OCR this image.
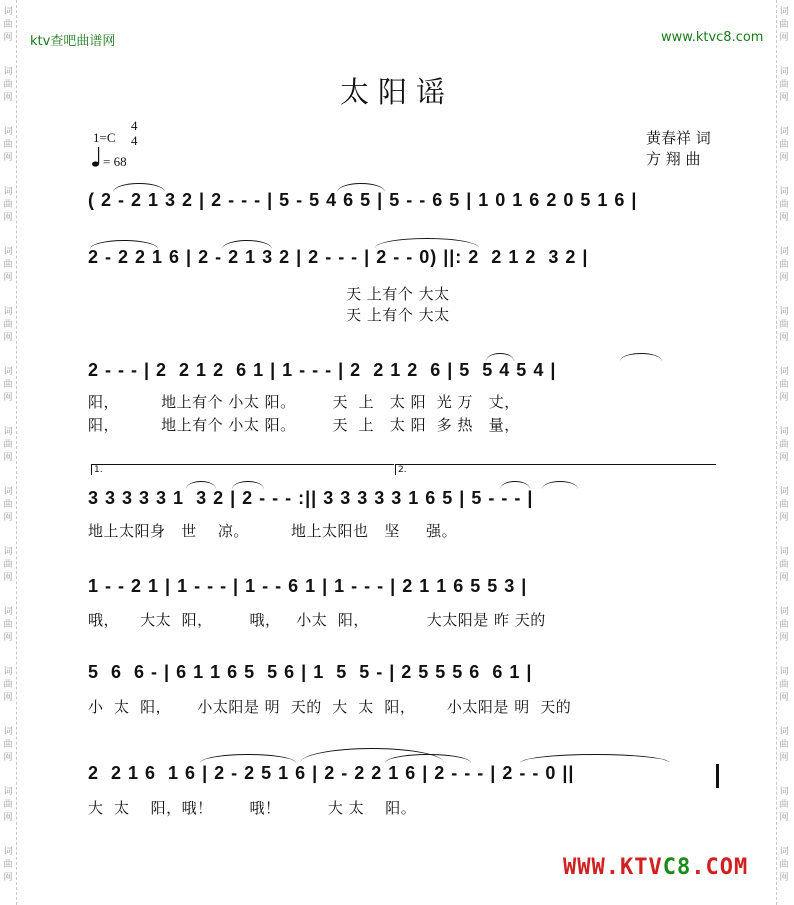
词
曲
网
词
曲
网
词
曲
网
词
曲
网
词
曲
网
词
曲
网
词
曲
网
词
曲
网
词
曲
网
词
曲
网
词
曲
网
词
曲
网
词
曲
网
词
曲
网
词
曲
网
词
曲
网
词
曲
网
词
曲
网
词
曲
网
词
曲
网
词
曲
网
词
曲
网
词
曲
网
词
曲
网
词
曲
网
词
曲
网
词
曲
网
词
曲
网
词
曲
网
词
曲
网
ktv查吧曲谱网	www.ktvc8.com
太阳谣
1=C
4
4
= 68
黄春祥 词
方 翔 曲
( 2 - 2 1 3 2 | 2 - - - | 5 - 5 4 6 5 | 5 - - 6 5 | 1 0 1 6 2 0 5 1 6 |
2 - 2 2 1 6 | 2 - 2 1 3 2 | 2 - - - | 2 - - 0) ||: 2  2 1 2  3 2 |
天 上有个 大太
天 上有个 大太
2 - - - | 2  2 1 2  6 1 | 1 - - - | 2  2 1 2  6 | 5  5 4 5 4 |
阳，        地上有个 小太 阳。       天  上   太 阳  光 万   丈，
阳，        地上有个 小太 阳。       天  上   太 阳  多 热   量，
1.	2.
3 3 3 3 3 1  3 2 | 2 - - - :|| 3 3 3 3 3 1 6 5 | 5 - - - |
地上太阳身   世    凉。        地上太阳也   坚     强。
1 - - 2 1 | 1 - - - | 1 - - 6 1 | 1 - - - | 2 1 1 6 5 5 3 |
哦，    大太  阳，       哦，   小太  阳，           大太阳是 昨 天的
5  6  6 - | 6 1 1 6 5  5 6 | 1  5  5 - | 2 5 5 5 6  6 1 |
小  太  阳，     小太阳是 明  天的  大  太  阳，      小太阳是 明  天的
2  2 1 6  1 6 | 2 - 2 5 1 6 | 2 - 2 2 1 6 | 2 - - - | 2 - - 0 ||
大  太    阳，哦！       哦！         大 太    阳。
WWW.KTVC8.COM
